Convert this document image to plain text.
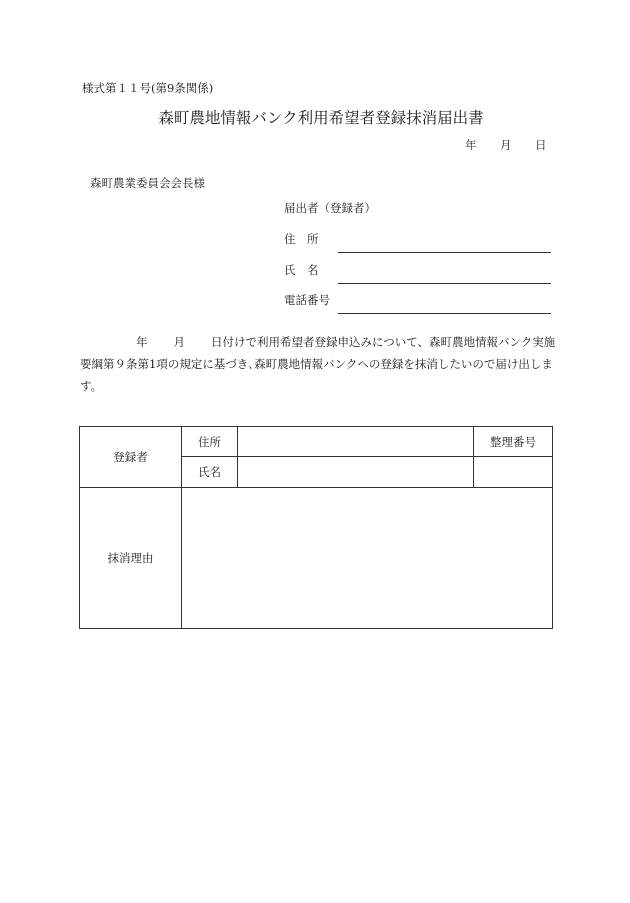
様式第１１号(第9条関係)
森町農地情報バンク利用希望者登録抹消届出書
年 月 日
森町農業委員会会長様
届出者（登録者）
住　所
氏　名
電話番号
年 月 日付けで利用希望者登録申込みについて、森町農地情報バンク実施要綱第９条第1項の規定に基づき､森町農地情報バンクへの登録を抹消したいので届け出します。
登録者	住所		整理番号
	氏名		
抹消理由			
